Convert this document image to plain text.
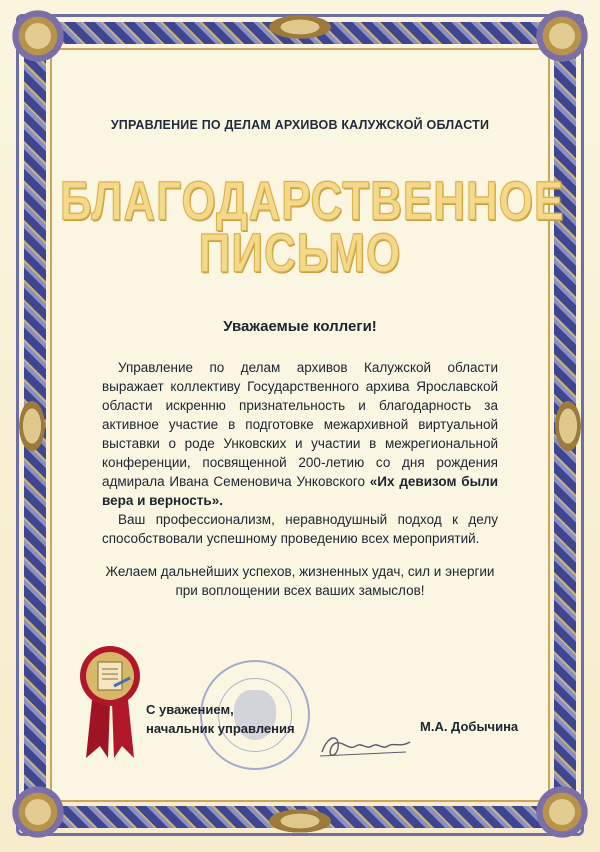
УПРАВЛЕНИЕ ПО ДЕЛАМ АРХИВОВ КАЛУЖСКОЙ ОБЛАСТИ
БЛАГОДАРСТВЕННОЕ
ПИСЬМО
Уважаемые коллеги!

Управление по делам архивов Калужской области выражает коллективу Государственного архива Ярославской области искренню признательность и благодарность за активное участие в подготовке межархивной виртуальной выставки о роде Унковских и участии в межрегиональной конференции, посвященной 200-летию со дня рождения адмирала Ивана Семеновича Унковского «Их девизом были вера и верность».

Ваш профессионализм, неравнодушный подход к делу способствовали успешному проведению всех мероприятий.

Желаем дальнейших успехов, жизненных удач, сил и энергии при воплощении всех ваших замыслов!

С уважением,
начальник управления	М.А. Добычина
